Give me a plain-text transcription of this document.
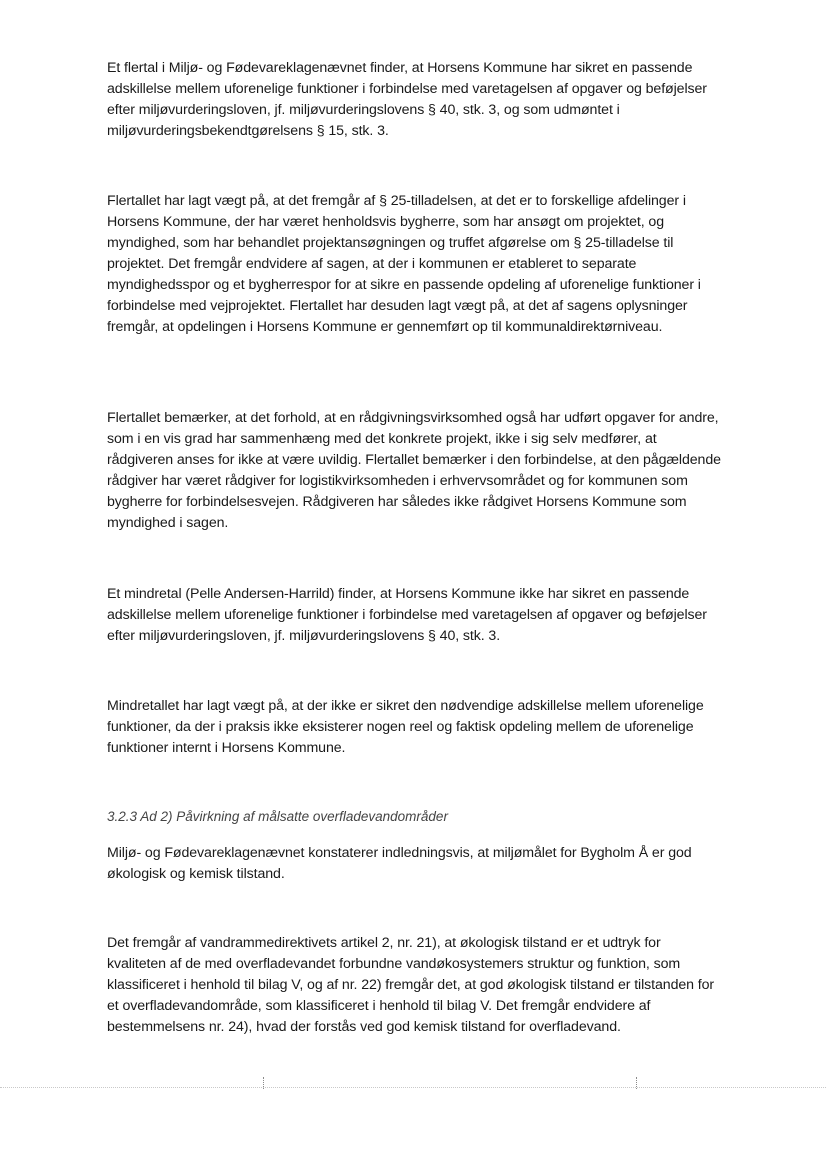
Et flertal i Miljø- og Fødevareklagenævnet finder, at Horsens Kommune har sikret en passende adskillelse mellem uforenelige funktioner i forbindelse med varetagelsen af opgaver og beføjelser efter miljøvurderingsloven, jf. miljøvurderingslovens § 40, stk. 3, og som udmøntet i miljøvurderingsbekendtgørelsens § 15, stk. 3.

Flertallet har lagt vægt på, at det fremgår af § 25-tilladelsen, at det er to forskellige afdelinger i Horsens Kommune, der har været henholdsvis bygherre, som har ansøgt om projektet, og myndighed, som har behandlet projektansøgningen og truffet afgørelse om § 25-tilladelse til projektet. Det fremgår endvidere af sagen, at der i kommunen er etableret to separate myndighedsspor og et bygherrespor for at sikre en passende opdeling af uforenelige funktioner i forbindelse med vejprojektet. Flertallet har desuden lagt vægt på, at det af sagens oplysninger fremgår, at opdelingen i Horsens Kommune er gennemført op til kommunaldirektørniveau.

Flertallet bemærker, at det forhold, at en rådgivningsvirksomhed også har udført opgaver for andre, som i en vis grad har sammenhæng med det konkrete projekt, ikke i sig selv medfører, at rådgiveren anses for ikke at være uvildig. Flertallet bemærker i den forbindelse, at den pågældende rådgiver har været rådgiver for logistikvirksomheden i erhvervsområdet og for kommunen som bygherre for forbindelsesvejen. Rådgiveren har således ikke rådgivet Horsens Kommune som myndighed i sagen.

Et mindretal (Pelle Andersen-Harrild) finder, at Horsens Kommune ikke har sikret en passende adskillelse mellem uforenelige funktioner i forbindelse med varetagelsen af opgaver og beføjelser efter miljøvurderingsloven, jf. miljøvurderingslovens § 40, stk. 3.

Mindretallet har lagt vægt på, at der ikke er sikret den nødvendige adskillelse mellem uforenelige funktioner, da der i praksis ikke eksisterer nogen reel og faktisk opdeling mellem de uforenelige funktioner internt i Horsens Kommune.

3.2.3 Ad 2) Påvirkning af målsatte overfladevandområder

Miljø- og Fødevareklagenævnet konstaterer indledningsvis, at miljømålet for Bygholm Å er god økologisk og kemisk tilstand.

Det fremgår af vandrammedirektivets artikel 2, nr. 21), at økologisk tilstand er et udtryk for kvaliteten af de med overfladevandet forbundne vandøkosystemers struktur og funktion, som klassificeret i henhold til bilag V, og af nr. 22) fremgår det, at god økologisk tilstand er tilstanden for et overfladevandområde, som klassificeret i henhold til bilag V. Det fremgår endvidere af bestemmelsens nr. 24), hvad der forstås ved god kemisk tilstand for overfladevand.
